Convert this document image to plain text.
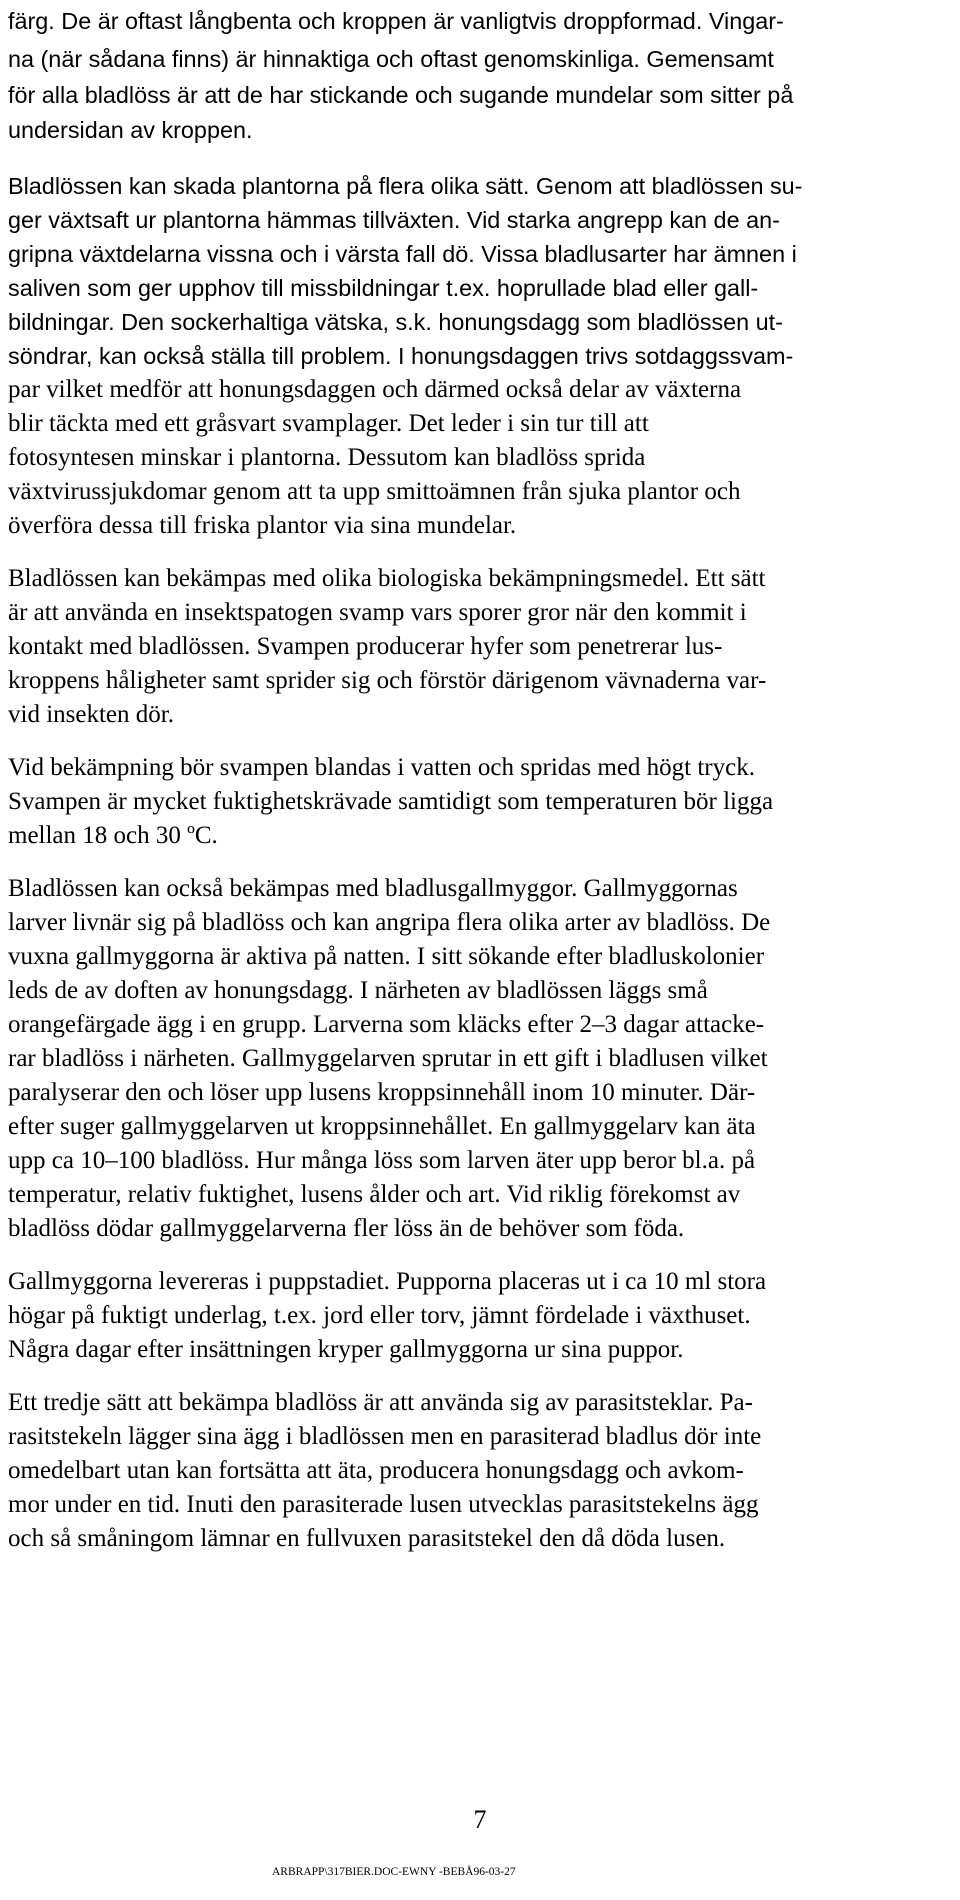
färg. De är oftast långbenta och kroppen är vanligtvis droppformad. Vingar-
na (när sådana finns) är hinnaktiga och oftast genomskinliga. Gemensamt
för alla bladlöss är att de har stickande och sugande mundelar som sitter på
undersidan av kroppen.
Bladlössen kan skada plantorna på flera olika sätt. Genom att bladlössen su-
ger växtsaft ur plantorna hämmas tillväxten. Vid starka angrepp kan de an-
gripna växtdelarna vissna och i värsta fall dö. Vissa bladlusarter har ämnen i
saliven som ger upphov till missbildningar t.ex. hoprullade blad eller gall-
bildningar. Den sockerhaltiga vätska, s.k. honungsdagg som bladlössen ut-
söndrar, kan också ställa till problem. I honungsdaggen trivs sotdaggssvam-
par vilket medför att honungsdaggen och därmed också delar av växterna
blir täckta med ett gråsvart svamplager. Det leder i sin tur till att
fotosyntesen minskar i plantorna. Dessutom kan bladlöss sprida
växtvirussjukdomar genom att ta upp smittoämnen från sjuka plantor och
överföra dessa till friska plantor via sina mundelar.
Bladlössen kan bekämpas med olika biologiska bekämpningsmedel. Ett sätt
är att använda en insektspatogen svamp vars sporer gror när den kommit i
kontakt med bladlössen. Svampen producerar hyfer som penetrerar lus-
kroppens håligheter samt sprider sig och förstör därigenom vävnaderna var-
vid insekten dör.
Vid bekämpning bör svampen blandas i vatten och spridas med högt tryck.
Svampen är mycket fuktighetskrävade samtidigt som temperaturen bör ligga
mellan 18 och 30 ºC.
Bladlössen kan också bekämpas med bladlusgallmyggor. Gallmyggornas
larver livnär sig på bladlöss och kan angripa flera olika arter av bladlöss. De
vuxna gallmyggorna är aktiva på natten. I sitt sökande efter bladluskolonier
leds de av doften av honungsdagg. I närheten av bladlössen läggs små
orangefärgade ägg i en grupp. Larverna som kläcks efter 2–3 dagar attacke-
rar bladlöss i närheten. Gallmyggelarven sprutar in ett gift i bladlusen vilket
paralyserar den och löser upp lusens kroppsinnehåll inom 10 minuter. Där-
efter suger gallmyggelarven ut kroppsinnehållet. En gallmyggelarv kan äta
upp ca 10–100 bladlöss. Hur många löss som larven äter upp beror bl.a. på
temperatur, relativ fuktighet, lusens ålder och art. Vid riklig förekomst av
bladlöss dödar gallmyggelarverna fler löss än de behöver som föda.
Gallmyggorna levereras i puppstadiet. Pupporna placeras ut i ca 10 ml stora
högar på fuktigt underlag, t.ex. jord eller torv, jämnt fördelade i växthuset.
Några dagar efter insättningen kryper gallmyggorna ur sina puppor.
Ett tredje sätt att bekämpa bladlöss är att använda sig av parasitsteklar. Pa-
rasitstekeln lägger sina ägg i bladlössen men en parasiterad bladlus dör inte
omedelbart utan kan fortsätta att äta, producera honungsdagg och avkom-
mor under en tid. Inuti den parasiterade lusen utvecklas parasitstekelns ägg
och så småningom lämnar en fullvuxen parasitstekel den då döda lusen.
7
ARBRAPP\317BIER.DOC-EWNY -BEBÅ96-03-27
